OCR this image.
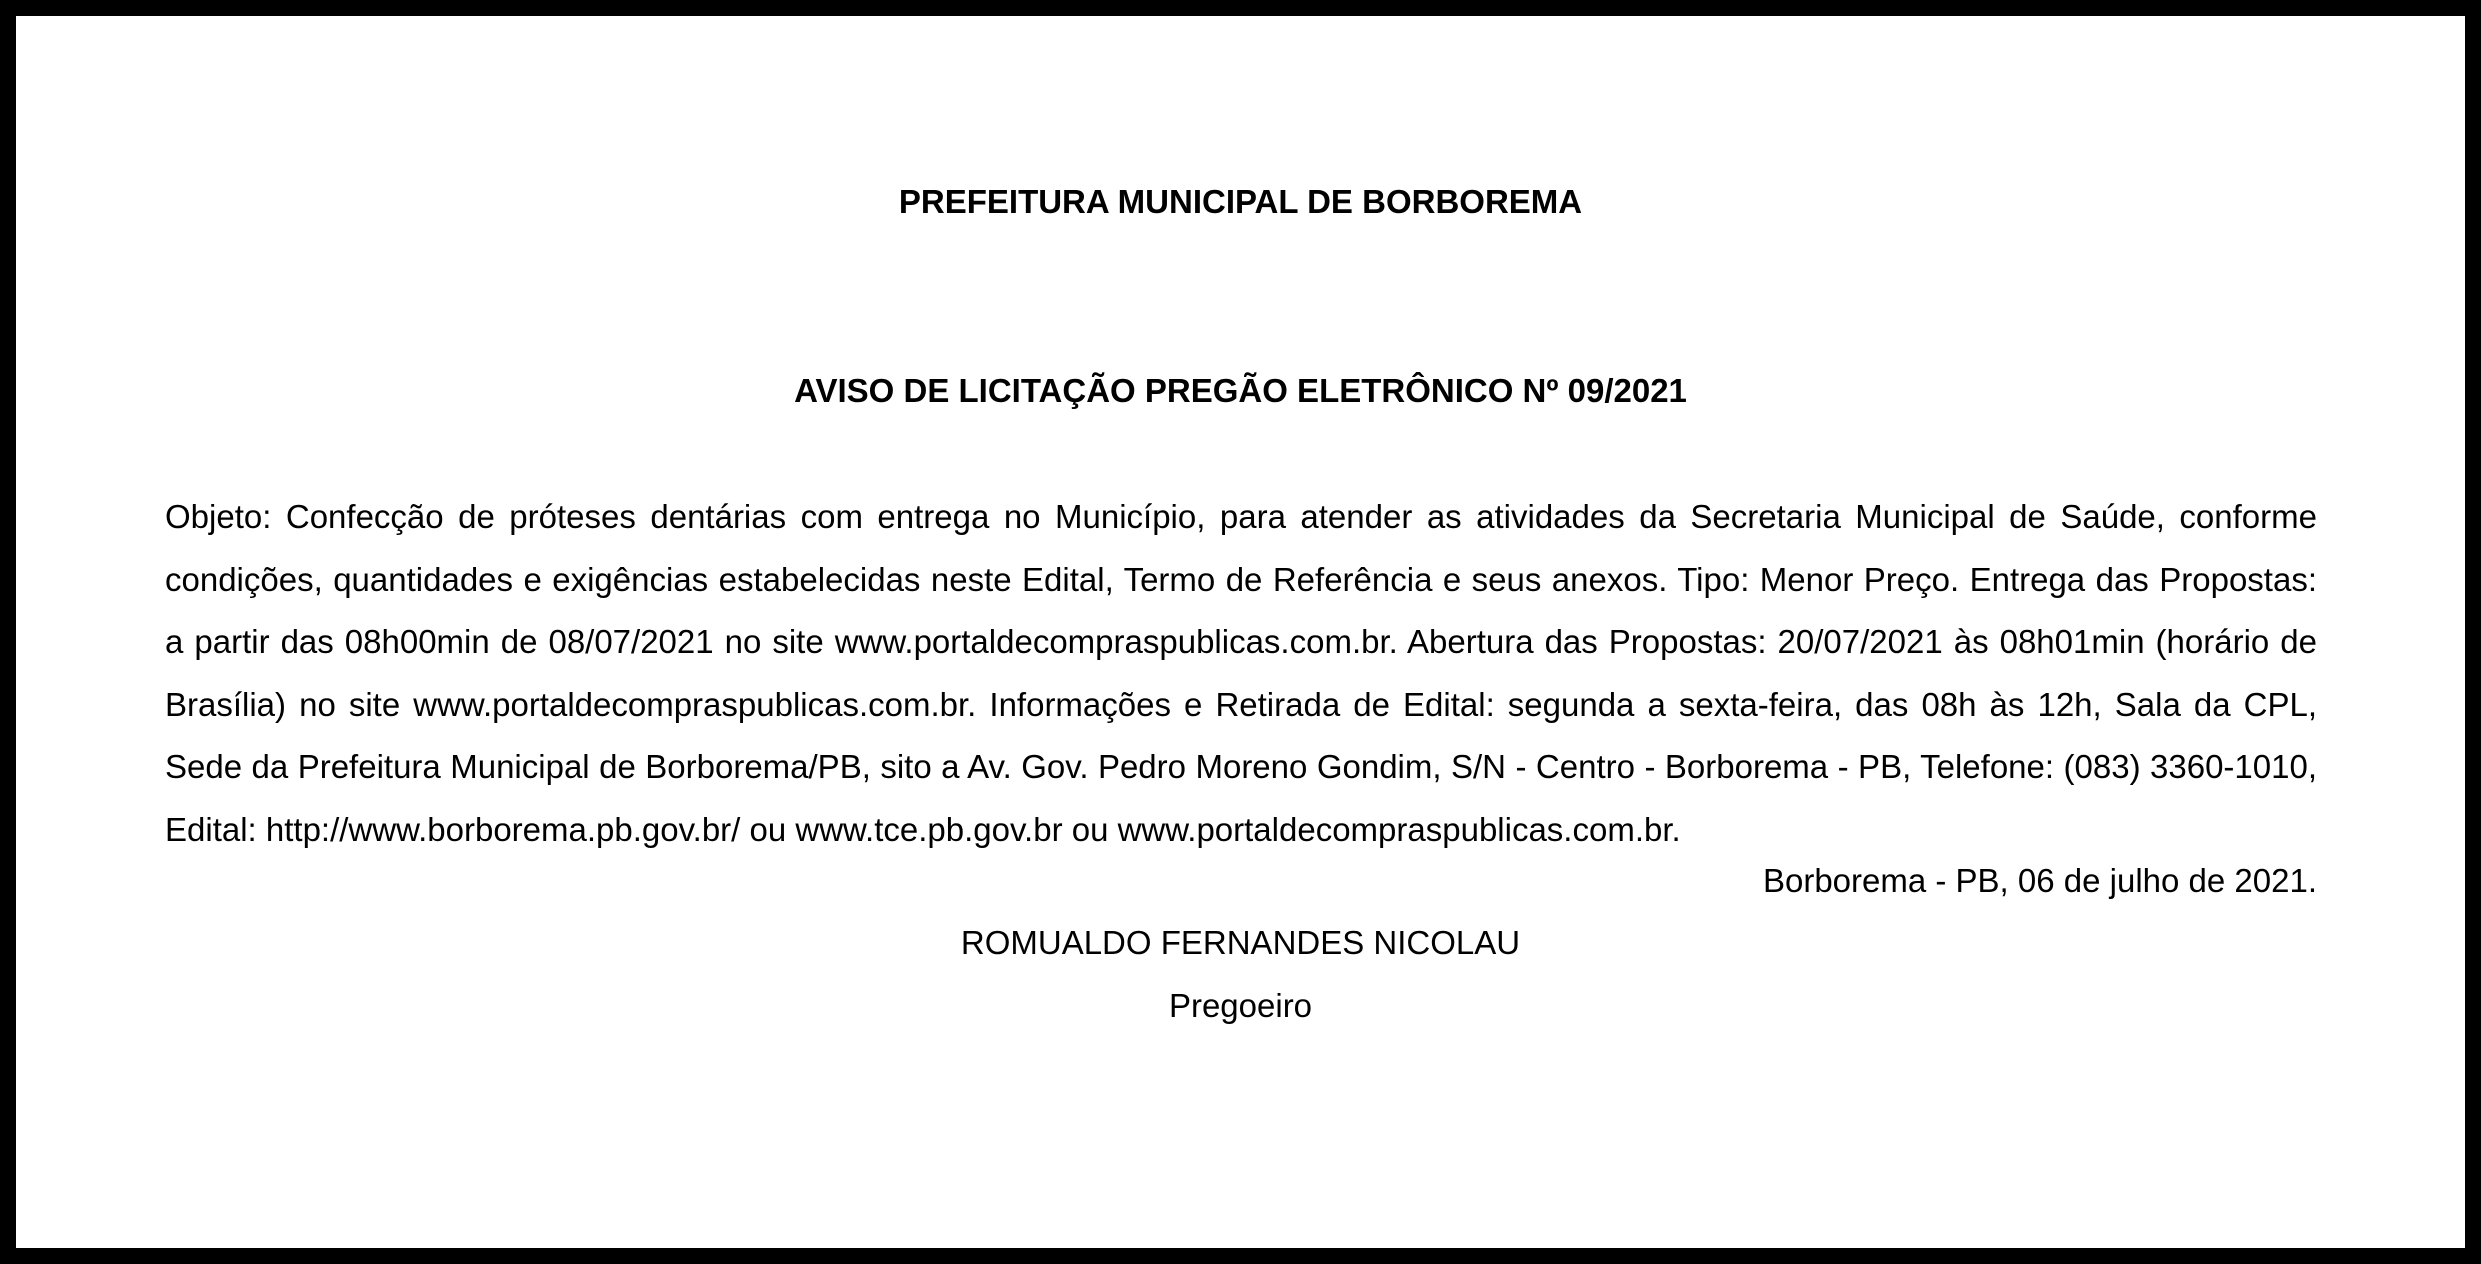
PREFEITURA MUNICIPAL DE BORBOREMA
AVISO DE LICITAÇÃO PREGÃO ELETRÔNICO Nº 09/2021
Objeto: Confecção de próteses dentárias com entrega no Município, para atender as atividades da Secretaria Municipal de Saúde, conforme condições, quantidades e exigências estabelecidas neste Edital, Termo de Referência e seus anexos. Tipo: Menor Preço. Entrega das Propostas: a partir das 08h00min de 08/07/2021 no site www.portaldecompraspublicas.com.br. Abertura das Propostas: 20/07/2021 às 08h01min (horário de Brasília) no site www.portaldecompraspublicas.com.br. Informações e Retirada de Edital: segunda a sexta-feira, das 08h às 12h, Sala da CPL, Sede da Prefeitura Municipal de Borborema/PB, sito a Av. Gov. Pedro Moreno Gondim, S/N - Centro - Borborema - PB, Telefone: (083) 3360-1010, Edital: http://www.borborema.pb.gov.br/ ou www.tce.pb.gov.br ou www.portaldecompraspublicas.com.br.
Borborema - PB, 06 de julho de 2021.
ROMUALDO FERNANDES NICOLAU
Pregoeiro
